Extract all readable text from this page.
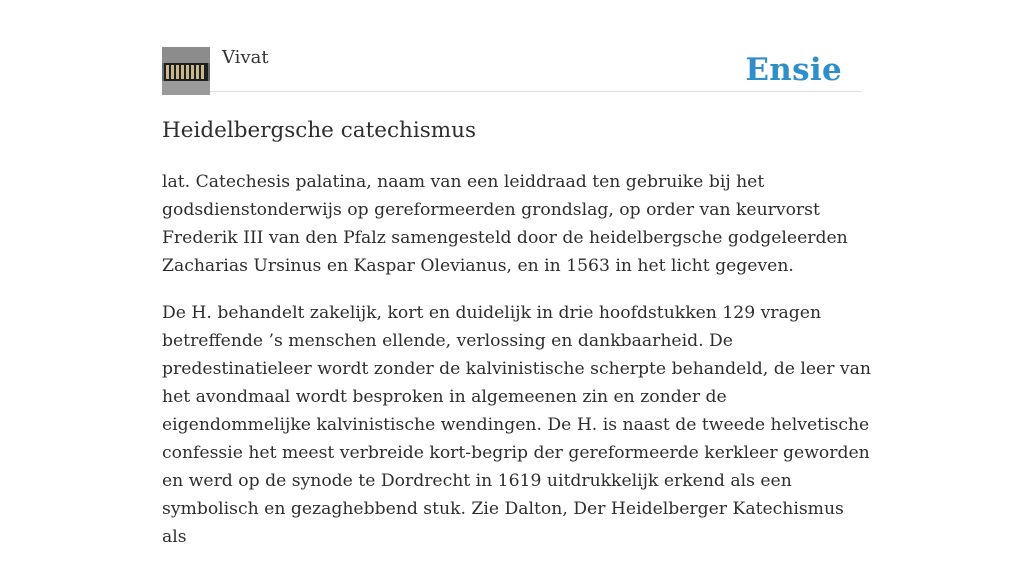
Vivat	Ensie
Heidelbergsche catechismus

lat. Catechesis palatina, naam van een leiddraad ten gebruike bij het
godsdienstonderwijs op gereformeerden grondslag, op order van keurvorst
Frederik III van den Pfalz samengesteld door de heidelbergsche godgeleerden
Zacharias Ursinus en Kaspar Olevianus, en in 1563 in het licht gegeven.

De H. behandelt zakelijk, kort en duidelijk in drie hoofdstukken 129 vragen
betreffende ’s menschen ellende, verlossing en dankbaarheid. De
predestinatieleer wordt zonder de kalvinistische scherpte behandeld, de leer van
het avondmaal wordt besproken in algemeenen zin en zonder de
eigendommelijke kalvinistische wendingen. De H. is naast de tweede helvetische
confessie het meest verbreide kort-begrip der gereformeerde kerkleer geworden
en werd op de synode te Dordrecht in 1619 uitdrukkelijk erkend als een
symbolisch en gezaghebbend stuk. Zie Dalton, Der Heidelberger Katechismus als
